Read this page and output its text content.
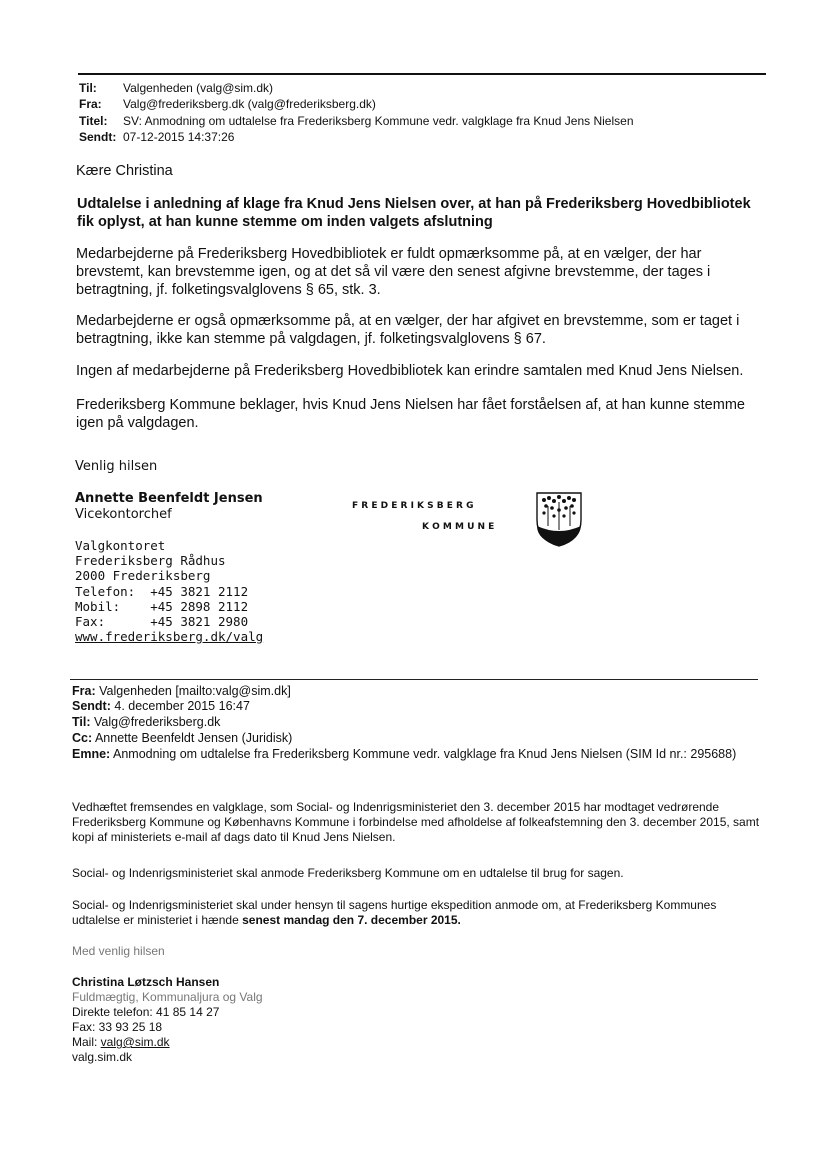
Til: Valgenheden (valg@sim.dk)
Fra: Valg@frederiksberg.dk (valg@frederiksberg.dk)
Titel: SV: Anmodning om udtalelse fra Frederiksberg Kommune vedr. valgklage fra Knud Jens Nielsen
Sendt: 07-12-2015 14:37:26
Kære Christina
Udtalelse i anledning af klage fra Knud Jens Nielsen over, at han på Frederiksberg Hovedbibliotek fik oplyst, at han kunne stemme om inden valgets afslutning
Medarbejderne på Frederiksberg Hovedbibliotek er fuldt opmærksomme på, at en vælger, der har brevstemt, kan brevstemme igen, og at det så vil være den senest afgivne brevstemme, der tages i betragtning, jf. folketingsvalglovens § 65, stk. 3.
Medarbejderne er også opmærksomme på, at en vælger, der har afgivet en brevstemme, som er taget i betragtning, ikke kan stemme på valgdagen, jf. folketingsvalglovens § 67.
Ingen af medarbejderne på Frederiksberg Hovedbibliotek kan erindre samtalen med Knud Jens Nielsen.
Frederiksberg Kommune beklager, hvis Knud Jens Nielsen har fået forståelsen af, at han kunne stemme igen på valgdagen.
Venlig hilsen
Annette Beenfeldt Jensen
Vicekontorchef
Valgkontoret
Frederiksberg Rådhus
2000 Frederiksberg
Telefon:  +45 3821 2112
Mobil:    +45 2898 2112
Fax:      +45 3821 2980
www.frederiksberg.dk/valg
F R E D E R I K S B E R G
K O M M U N E
Fra: Valgenheden [mailto:valg@sim.dk]
Sendt: 4. december 2015 16:47
Til: Valg@frederiksberg.dk
Cc: Annette Beenfeldt Jensen (Juridisk)
Emne: Anmodning om udtalelse fra Frederiksberg Kommune vedr. valgklage fra Knud Jens Nielsen (SIM Id nr.: 295688)
Vedhæftet fremsendes en valgklage, som Social- og Indenrigsministeriet den 3. december 2015 har modtaget vedrørende Frederiksberg Kommune og Københavns Kommune i forbindelse med afholdelse af folkeafstemning den 3. december 2015, samt kopi af ministeriets e-mail af dags dato til Knud Jens Nielsen.
Social- og Indenrigsministeriet skal anmode Frederiksberg Kommune om en udtalelse til brug for sagen.
Social- og Indenrigsministeriet skal under hensyn til sagens hurtige ekspedition anmode om, at Frederiksberg Kommunes udtalelse er ministeriet i hænde senest mandag den 7. december 2015.
Med venlig hilsen
Christina Løtzsch Hansen
Fuldmægtig, Kommunaljura og Valg
Direkte telefon: 41 85 14 27
Fax: 33 93 25 18
Mail: valg@sim.dk
valg.sim.dk
